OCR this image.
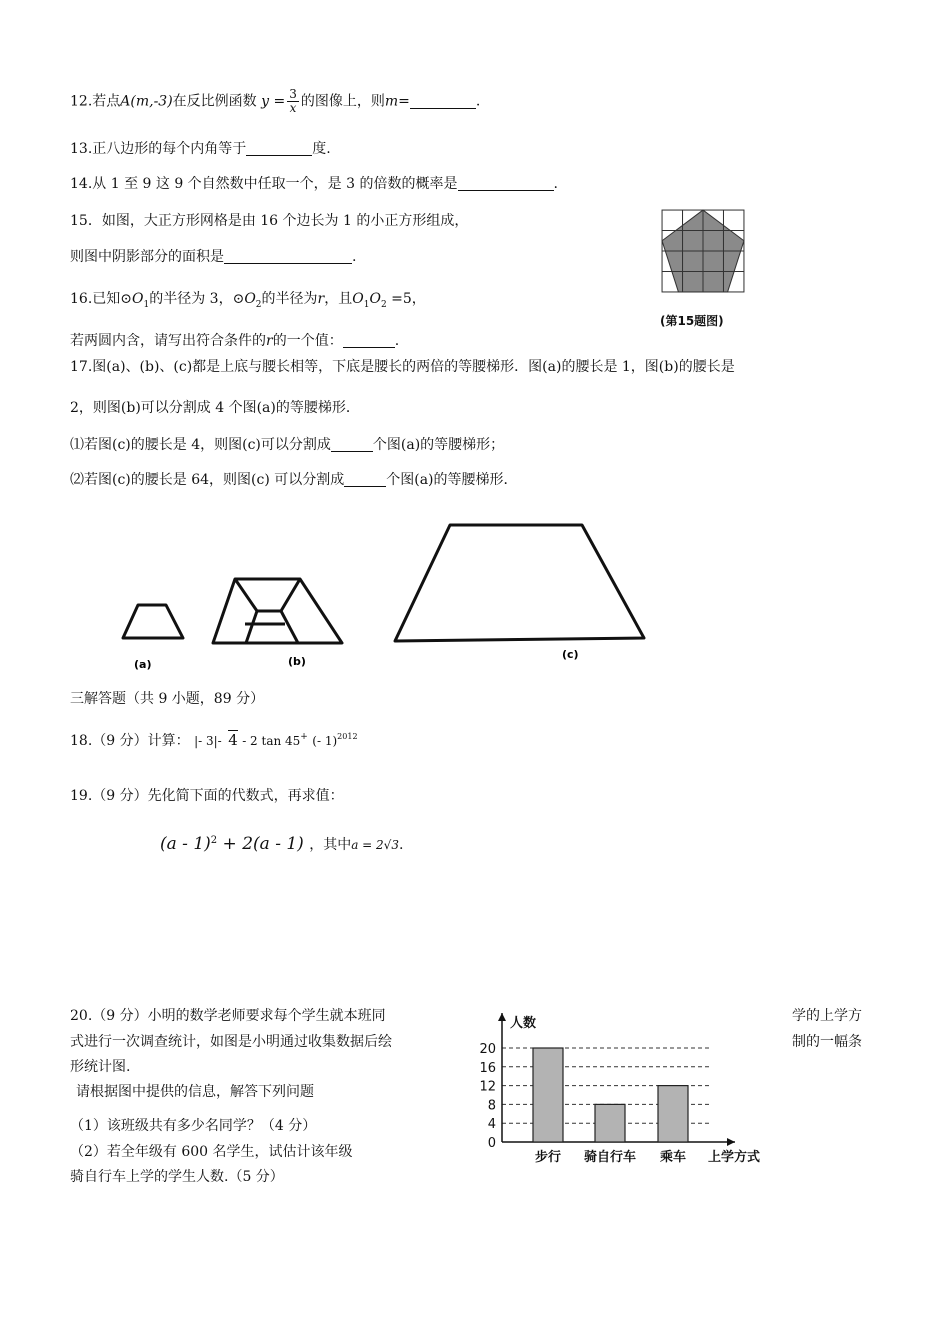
12.若点A(m,-3)在反比例函数 $y = \frac{3}{x}$ 的图像上，则m=	.
13.正八边形的每个内角等于	度.
14.从 1 至 9 这 9 个自然数中任取一个，是 3 的倍数的概率是	.
15．如图，大正方形网格是由 16 个边长为 1 的小正方形组成，
则图中阴影部分的面积是	.
(第15题图)
16.已知$⊙O_1$的半径为 3，$⊙O_2$的半径为r，且$O_1O_2 =5$，
若两圆内含，请写出符合条件的r的一个值：	.
17.图(a)、(b)、(c)都是上底与腰长相等，下底是腰长的两倍的等腰梯形．图(a)的腰长是 1，图(b)的腰长是
2，则图(b)可以分割成 4 个图(a)的等腰梯形．
⑴若图(c)的腰长是 4，则图(c)可以分割成	个图(a)的等腰梯形；
⑵若图(c)的腰长是 64，则图(c) 可以分割成	个图(a)的等腰梯形．
(a)	(b)
(c)
三解答题（共 9 小题，89 分）
18.（9 分）计算： |- 3|- 4 - 2 tan 45+ (- 1)$^{2012}$
19.（9 分）先化简下面的代数式，再求值：
(a - 1)$^2$ + 2(a - 1) ，其中a = 2√3.
20.（9 分）小明的数学老师要求每个学生就本班同	学的上学方
式进行一次调查统计，如图是小明通过收集数据后绘	制的一幅条
形统计图.
请根据图中提供的信息，解答下列问题
（1）该班级共有多少名同学？（4 分）
（2）若全年级有 600 名学生，试估计该年级
骑自行车上学的学生人数.（5 分）
0
4
8
12
16
20
人数
上学方式
步行 骑自行车 乘车
